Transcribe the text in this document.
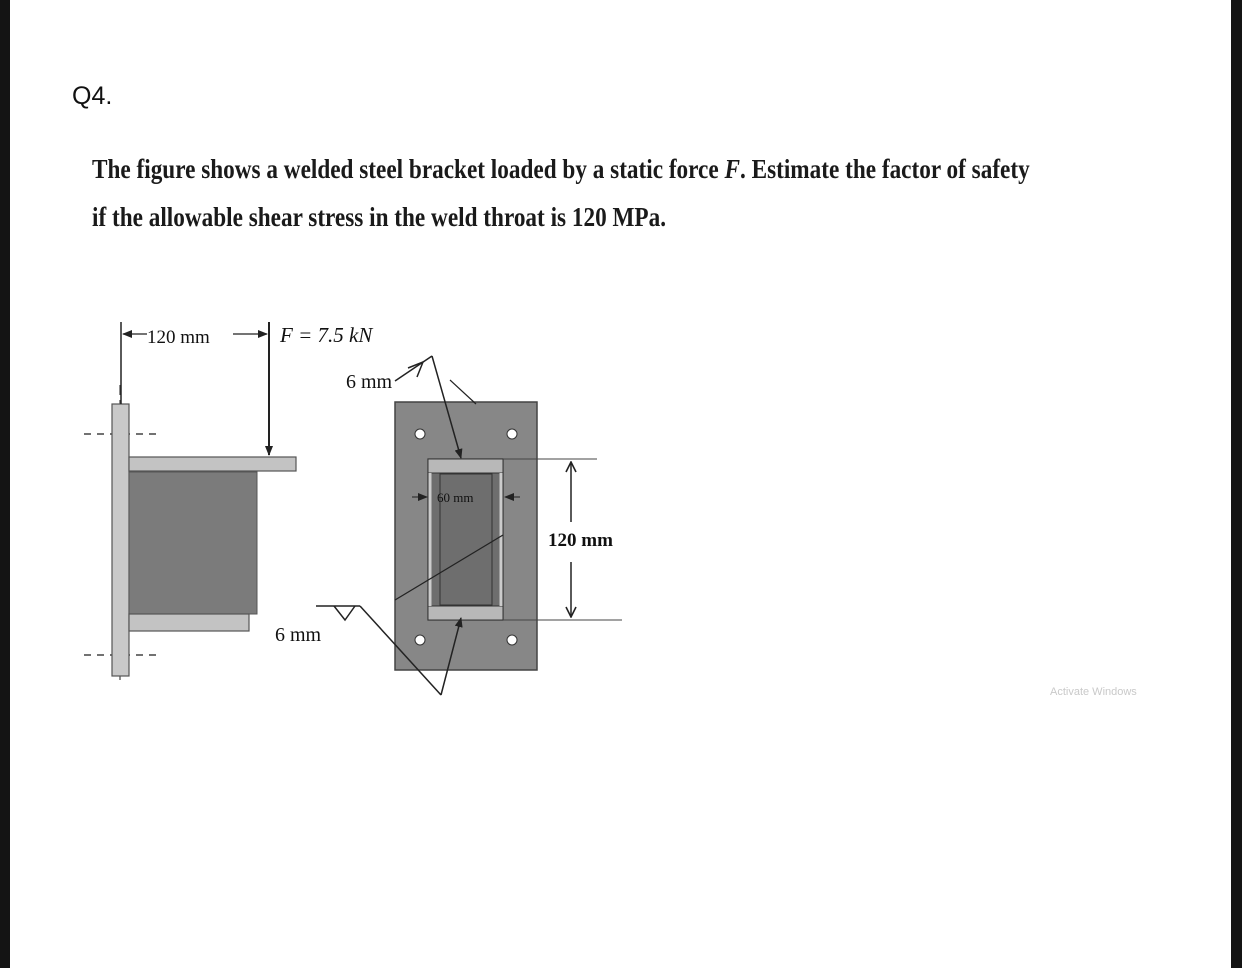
Q4.
The figure shows a welded steel bracket loaded by a static force F. Estimate the factor of safety
if the allowable shear stress in the weld throat is 120 MPa.
120 mm	F = 7.5 kN
60 mm
120 mm
6 mm
6 mm
Activate Windows
